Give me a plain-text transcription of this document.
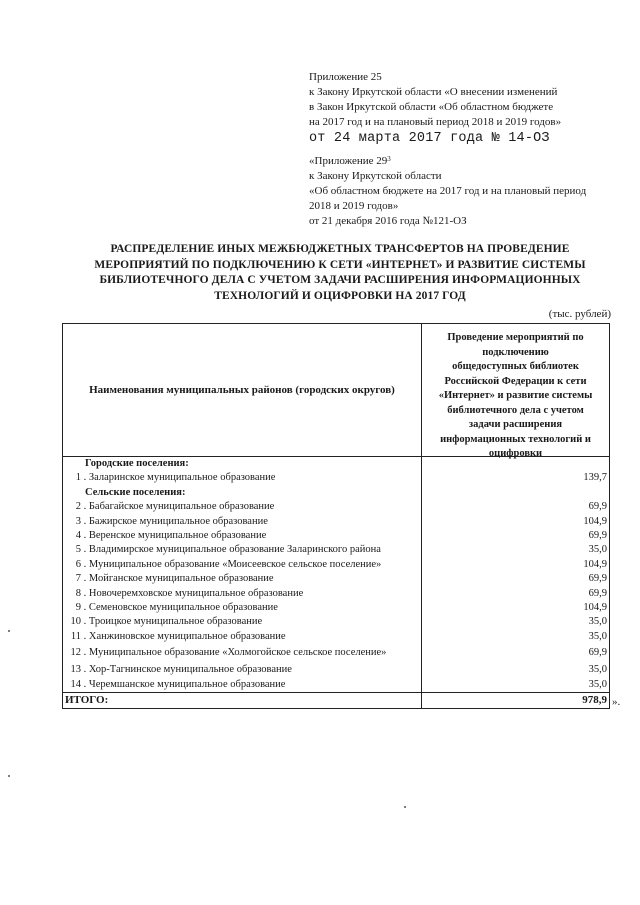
Приложение 25
к Закону Иркутской области «О внесении изменений
в Закон Иркутской области «Об областном бюджете
на 2017 год и на плановый период 2018 и 2019 годов»
от 24 марта 2017 года № 14-ОЗ
«Приложение $29^3$
к Закону Иркутской области
«Об областном бюджете на 2017 год и на плановый период
2018 и 2019 годов»
от 21 декабря 2016 года №121-ОЗ
РАСПРЕДЕЛЕНИЕ ИНЫХ МЕЖБЮДЖЕТНЫХ ТРАНСФЕРТОВ НА ПРОВЕДЕНИЕ
МЕРОПРИЯТИЙ ПО ПОДКЛЮЧЕНИЮ К СЕТИ «ИНТЕРНЕТ» И РАЗВИТИЕ СИСТЕМЫ
БИБЛИОТЕЧНОГО ДЕЛА С УЧЕТОМ ЗАДАЧИ РАСШИРЕНИЯ ИНФОРМАЦИОННЫХ
ТЕХНОЛОГИЙ И ОЦИФРОВКИ НА 2017 ГОД
(тыс. рублей)
Наименования муниципальных районов (городских округов)
Проведение мероприятий по
подключению
общедоступных библиотек
Российской Федерации к сети
«Интернет» и развитие системы
библиотечного дела с учетом
задачи расширения
информационных технологий и
оцифровки
Городские поселения:
1 . Заларинское муниципальное образование	139,7
Сельские поселения:
2 . Бабагайское муниципальное образование	69,9
3 . Бажирское муниципальное образование	104,9
4 . Веренское муниципальное образование	69,9
5 . Владимирское муниципальное образование Заларинского района	35,0
6 . Муниципальное образование «Моисеевское сельское поселение»	104,9
7 . Мойганское муниципальное образование	69,9
8 . Новочеремховское муниципальное образование	69,9
9 . Семеновское муниципальное образование	104,9
10 . Троицкое муниципальное образование	35,0
11 . Ханжиновское муниципальное образование	35,0
12 . Муниципальное образование «Холмогойское сельское поселение»	69,9
13 . Хор-Тагнинское муниципальное образование	35,0
14 . Черемшанское муниципальное образование	35,0
ИТОГО:	978,9 ».
